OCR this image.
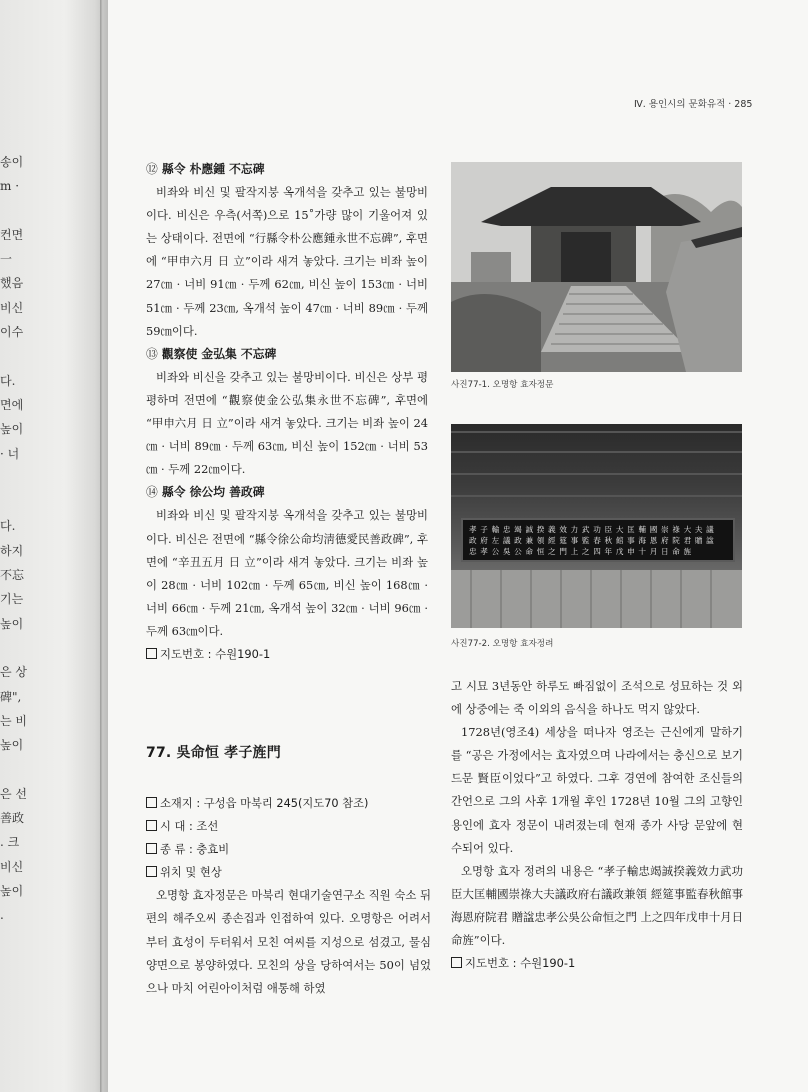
송이
m ·
컨면
一
했음
비신
이수
다.
면에
높이
· 너
다.
하지
不忘
기는
높이
은 상
碑",
는 비
높이
은 선
善政
. 크
비신
높이
.
Ⅳ. 용인시의 문화유적 · 285
⑫ 縣令 朴應鍾 不忘碑

비좌와 비신 및 팔작지붕 옥개석을 갖추고 있는 불망비이다. 비신은 우측(서쪽)으로 15˚가량 많이 기울어져 있는 상태이다. 전면에 “行縣令朴公應鍾永世不忘碑”, 후면에 “甲申六月 日 立”이라 새겨 놓았다. 크기는 비좌 높이 27㎝ · 너비 91㎝ · 두께 62㎝, 비신 높이 153㎝ · 너비 51㎝ · 두께 23㎝, 옥개석 높이 47㎝ · 너비 89㎝ · 두께 59㎝이다.

⑬ 觀察使 金弘集 不忘碑

비좌와 비신을 갖추고 있는 불망비이다. 비신은 상부 평평하며 전면에 “觀察使金公弘集永世不忘碑”, 후면에 “甲申六月 日 立”이라 새겨 놓았다. 크기는 비좌 높이 24㎝ · 너비 89㎝ · 두께 63㎝, 비신 높이 152㎝ · 너비 53㎝ · 두께 22㎝이다.

⑭ 縣令 徐公均 善政碑

비좌와 비신 및 팔작지붕 옥개석을 갖추고 있는 불망비이다. 비신은 전면에 “縣令徐公命均淸德愛民善政碑”, 후면에 “辛丑五月 日 立”이라 새겨 놓았다. 크기는 비좌 높이 28㎝ · 너비 102㎝ · 두께 65㎝, 비신 높이 168㎝ · 너비 66㎝ · 두께 21㎝, 옥개석 높이 32㎝ · 너비 96㎝ · 두께 63㎝이다.

지도번호 : 수원190-1
77. 吳命恒 孝子旌門
소재지 : 구성읍 마북리 245(지도70 참조)
시 대 : 조선
종 류 : 충효비
위치 및 현상

오명항 효자정문은 마북리 현대기술연구소 직원 숙소 뒤편의 해주오씨 종손집과 인접하여 있다. 오명항은 어려서부터 효성이 두터워서 모친 여씨를 지성으로 섬겼고, 물심양면으로 봉양하였다. 모친의 상을 당하여서는 50이 넘었으나 마치 어린아이처럼 애통해 하였

사진77-1. 오명항 효자정문
孝子輸忠竭誠揆義效力武功臣大匡輔國崇祿大夫議政府左議政兼領經筵事監春秋館事海恩府院君贈諡忠孝公吳公命恒之門上之四年戊申十月日命旌
사진77-2. 오명항 효자정려

고 시묘 3년동안 하루도 빠짐없이 조석으로 성묘하는 것 외에 상중에는 죽 이외의 음식을 하나도 먹지 않았다.

1728년(영조4) 세상을 떠나자 영조는 근신에게 말하기를 “공은 가정에서는 효자였으며 나라에서는 충신으로 보기드문 賢臣이었다”고 하였다. 그후 경연에 참여한 조신들의 간언으로 그의 사후 1개월 후인 1728년 10월 그의 고향인 용인에 효자 정문이 내려졌는데 현재 종가 사당 문앞에 현수되어 있다.

오명항 효자 정려의 내용은 “孝子輸忠竭誠揆義效力武功臣大匡輔國崇祿大夫議政府右議政兼領 經筵事監春秋館事 海恩府院君 贈諡忠孝公吳公命恒之門 上之四年戊申十月日 命旌”이다.

지도번호 : 수원190-1
